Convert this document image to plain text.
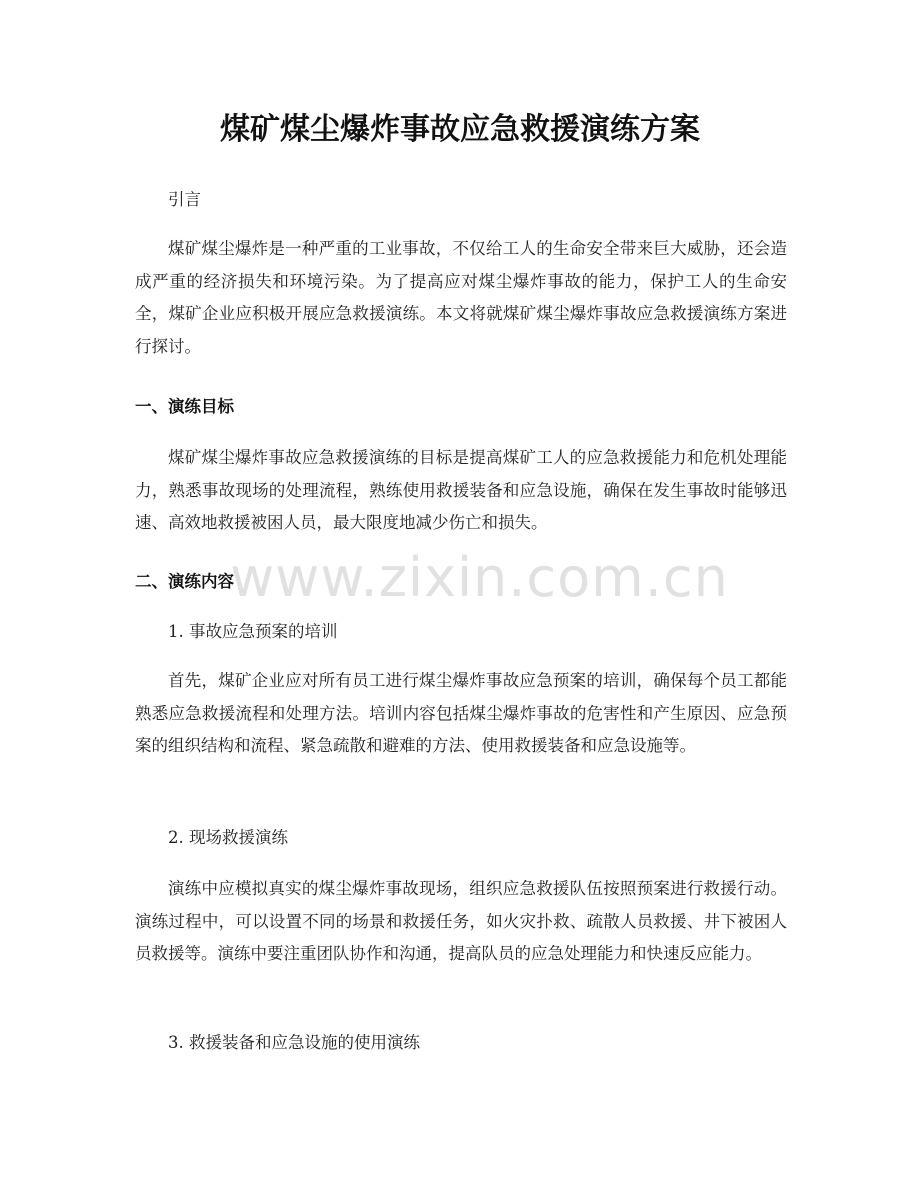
煤矿煤尘爆炸事故应急救援演练方案

引言

煤矿煤尘爆炸是一种严重的工业事故，不仅给工人的生命安全带来巨大威胁，还会造成严重的经济损失和环境污染。为了提高应对煤尘爆炸事故的能力，保护工人的生命安全，煤矿企业应积极开展应急救援演练。本文将就煤矿煤尘爆炸事故应急救援演练方案进行探讨。

一、演练目标

煤矿煤尘爆炸事故应急救援演练的目标是提高煤矿工人的应急救援能力和危机处理能力，熟悉事故现场的处理流程，熟练使用救援装备和应急设施，确保在发生事故时能够迅速、高效地救援被困人员，最大限度地减少伤亡和损失。

二、演练内容

1. 事故应急预案的培训

首先，煤矿企业应对所有员工进行煤尘爆炸事故应急预案的培训，确保每个员工都能熟悉应急救援流程和处理方法。培训内容包括煤尘爆炸事故的危害性和产生原因、应急预案的组织结构和流程、紧急疏散和避难的方法、使用救援装备和应急设施等。

2. 现场救援演练

演练中应模拟真实的煤尘爆炸事故现场，组织应急救援队伍按照预案进行救援行动。演练过程中，可以设置不同的场景和救援任务，如火灾扑救、疏散人员救援、井下被困人员救援等。演练中要注重团队协作和沟通，提高队员的应急处理能力和快速反应能力。

3. 救援装备和应急设施的使用演练

www.zixin.com.cn
